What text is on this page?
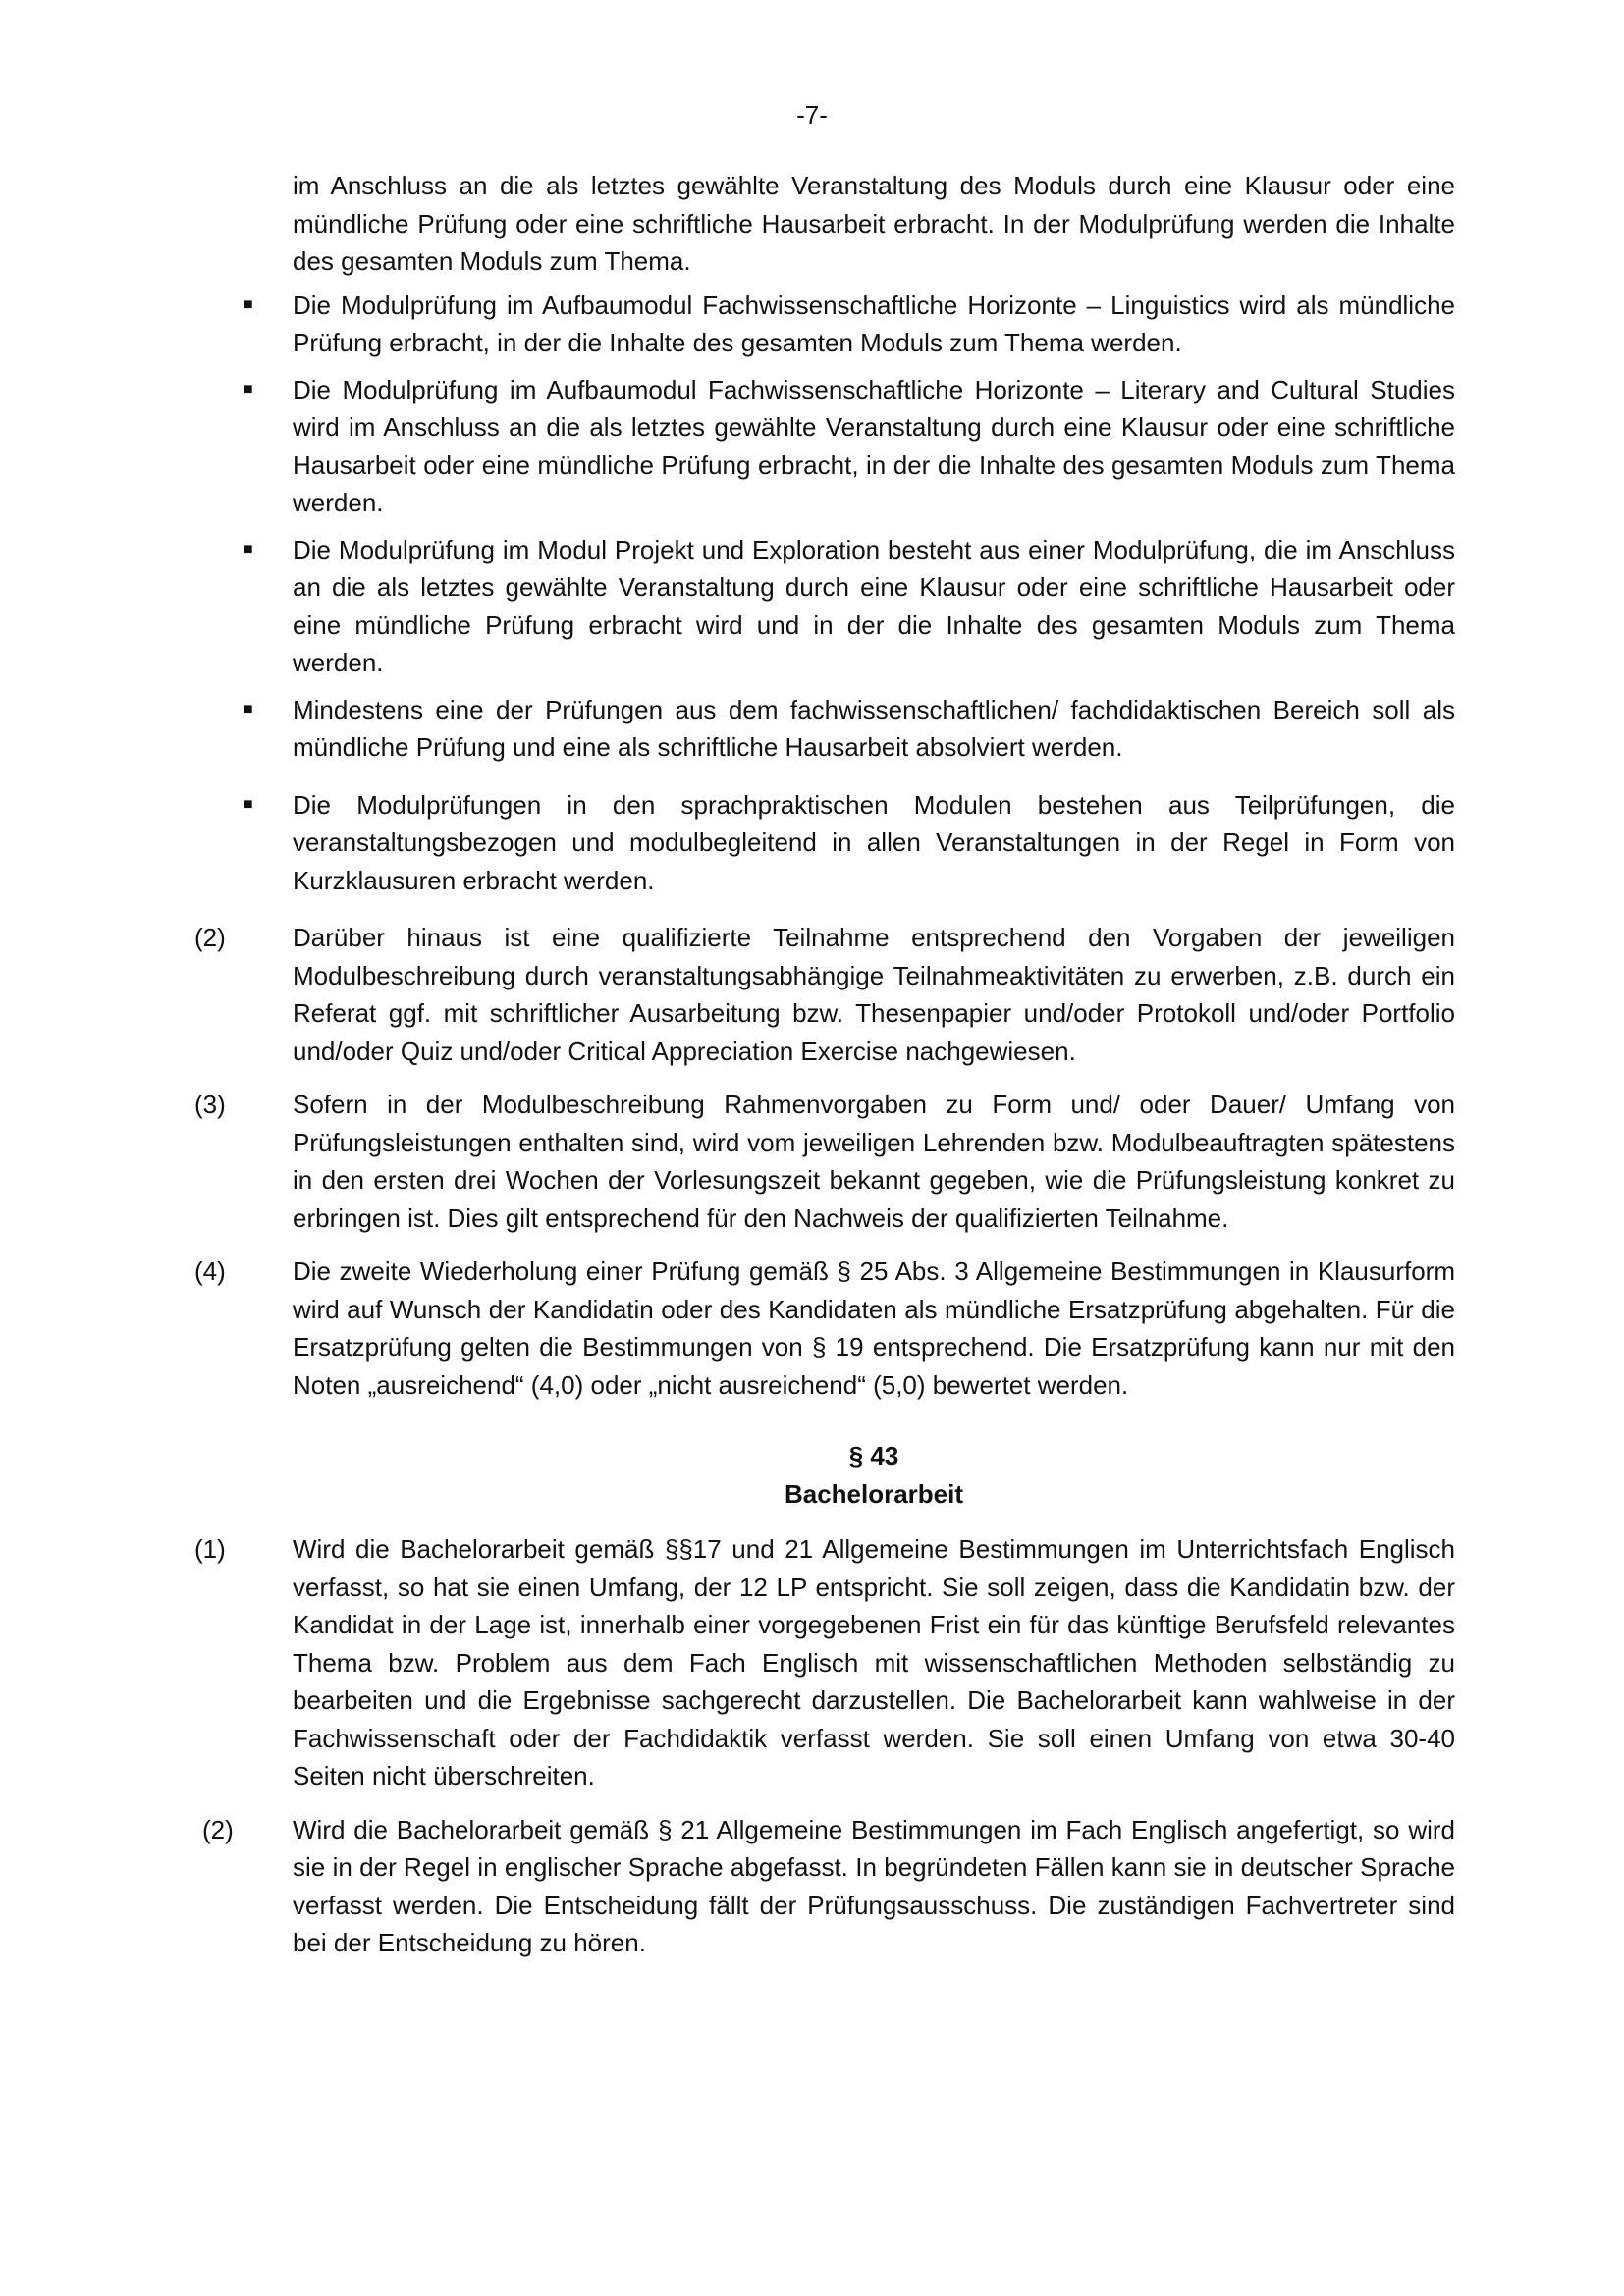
-7-
im Anschluss an die als letztes gewählte Veranstaltung des Moduls durch eine Klausur oder eine mündliche Prüfung oder eine schriftliche Hausarbeit erbracht. In der Modulprüfung werden die Inhalte des gesamten Moduls zum Thema.
■ Die Modulprüfung im Aufbaumodul Fachwissenschaftliche Horizonte – Linguistics wird als mündliche Prüfung erbracht, in der die Inhalte des gesamten Moduls zum Thema werden.
■ Die Modulprüfung im Aufbaumodul Fachwissenschaftliche Horizonte – Literary and Cultural Studies wird im Anschluss an die als letztes gewählte Veranstaltung durch eine Klausur oder eine schriftliche Hausarbeit oder eine mündliche Prüfung erbracht, in der die Inhalte des gesamten Moduls zum Thema werden.
■ Die Modulprüfung im Modul Projekt und Exploration besteht aus einer Modulprüfung, die im Anschluss an die als letztes gewählte Veranstaltung durch eine Klausur oder eine schriftliche Hausarbeit oder eine mündliche Prüfung erbracht wird und in der die Inhalte des gesamten Moduls zum Thema werden.
■ Mindestens eine der Prüfungen aus dem fachwissenschaftlichen/ fachdidaktischen Bereich soll als mündliche Prüfung und eine als schriftliche Hausarbeit absolviert werden.
■ Die Modulprüfungen in den sprachpraktischen Modulen bestehen aus Teilprüfungen, die veranstaltungsbezogen und modulbegleitend in allen Veranstaltungen in der Regel in Form von Kurzklausuren erbracht werden.
(2)	Darüber hinaus ist eine qualifizierte Teilnahme entsprechend den Vorgaben der jeweiligen Modulbeschreibung durch veranstaltungsabhängige Teilnahmeaktivitäten zu erwerben, z.B. durch ein Referat ggf. mit schriftlicher Ausarbeitung bzw. Thesenpapier und/oder Protokoll und/oder Portfolio und/oder Quiz und/oder Critical Appreciation Exercise nachgewiesen.
(3)	Sofern in der Modulbeschreibung Rahmenvorgaben zu Form und/ oder Dauer/ Umfang von Prüfungsleistungen enthalten sind, wird vom jeweiligen Lehrenden bzw. Modulbeauftragten spätestens in den ersten drei Wochen der Vorlesungszeit bekannt gegeben, wie die Prüfungsleistung konkret zu erbringen ist. Dies gilt entsprechend für den Nachweis der qualifizierten Teilnahme.
(4)	Die zweite Wiederholung einer Prüfung gemäß § 25 Abs. 3 Allgemeine Bestimmungen in Klausurform wird auf Wunsch der Kandidatin oder des Kandidaten als mündliche Ersatzprüfung abgehalten. Für die Ersatzprüfung gelten die Bestimmungen von § 19 entsprechend. Die Ersatzprüfung kann nur mit den Noten „ausreichend“ (4,0) oder „nicht ausreichend“ (5,0) bewertet werden.
§ 43
Bachelorarbeit
(1)	Wird die Bachelorarbeit gemäß §§17 und 21 Allgemeine Bestimmungen im Unterrichtsfach Englisch verfasst, so hat sie einen Umfang, der 12 LP entspricht. Sie soll zeigen, dass die Kandidatin bzw. der Kandidat in der Lage ist, innerhalb einer vorgegebenen Frist ein für das künftige Berufsfeld relevantes Thema bzw. Problem aus dem Fach Englisch mit wissenschaftlichen Methoden selbständig zu bearbeiten und die Ergebnisse sachgerecht darzustellen. Die Bachelorarbeit kann wahlweise in der Fachwissenschaft oder der Fachdidaktik verfasst werden. Sie soll einen Umfang von etwa 30-40 Seiten nicht überschreiten.
(2)	Wird die Bachelorarbeit gemäß § 21 Allgemeine Bestimmungen im Fach Englisch angefertigt, so wird sie in der Regel in englischer Sprache abgefasst. In begründeten Fällen kann sie in deutscher Sprache verfasst werden. Die Entscheidung fällt der Prüfungsausschuss. Die zuständigen Fachvertreter sind bei der Entscheidung zu hören.
